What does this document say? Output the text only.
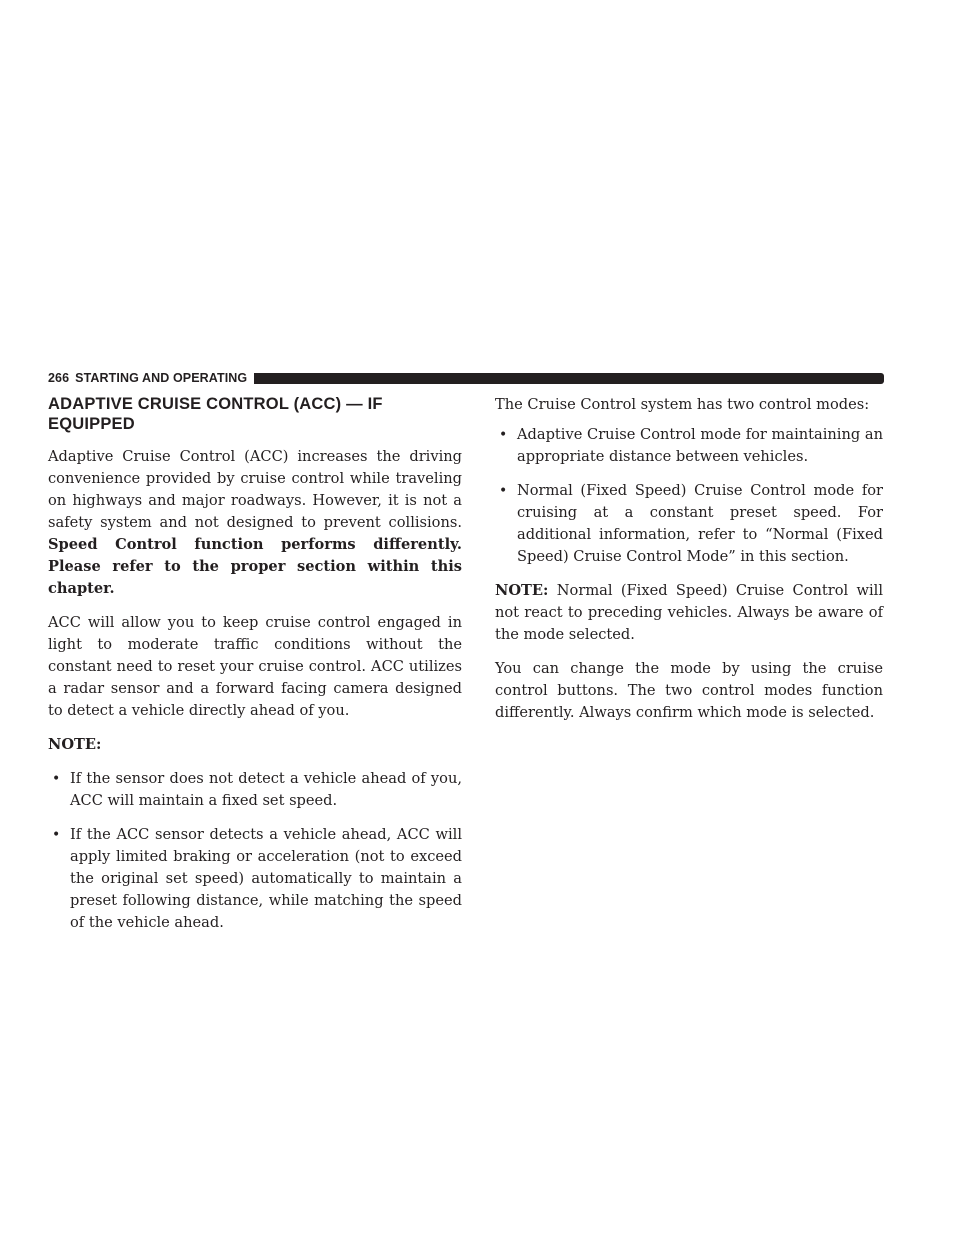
266 STARTING AND OPERATING
ADAPTIVE CRUISE CONTROL (ACC) — IF
EQUIPPED

Adaptive Cruise Control (ACC) increases the driving convenience provided by cruise control while traveling on highways and major roadways. However, it is not a safety system and not designed to prevent collisions. Speed Control function performs differently. Please refer to the proper section within this chapter.

ACC will allow you to keep cruise control engaged in light to moderate traffic conditions without the constant need to reset your cruise control. ACC utilizes a radar sensor and a forward facing camera designed to detect a vehicle directly ahead of you.

NOTE:

• If the sensor does not detect a vehicle ahead of you, ACC will maintain a fixed set speed.
• If the ACC sensor detects a vehicle ahead, ACC will apply limited braking or acceleration (not to exceed the original set speed) automatically to maintain a preset following distance, while matching the speed of the vehicle ahead.

The Cruise Control system has two control modes:

• Adaptive Cruise Control mode for maintaining an appropriate distance between vehicles.
• Normal (Fixed Speed) Cruise Control mode for cruising at a constant preset speed. For additional information, refer to “Normal (Fixed Speed) Cruise Control Mode” in this section.

NOTE: Normal (Fixed Speed) Cruise Control will not react to preceding vehicles. Always be aware of the mode selected.

You can change the mode by using the cruise control buttons. The two control modes function differently. Always confirm which mode is selected.
